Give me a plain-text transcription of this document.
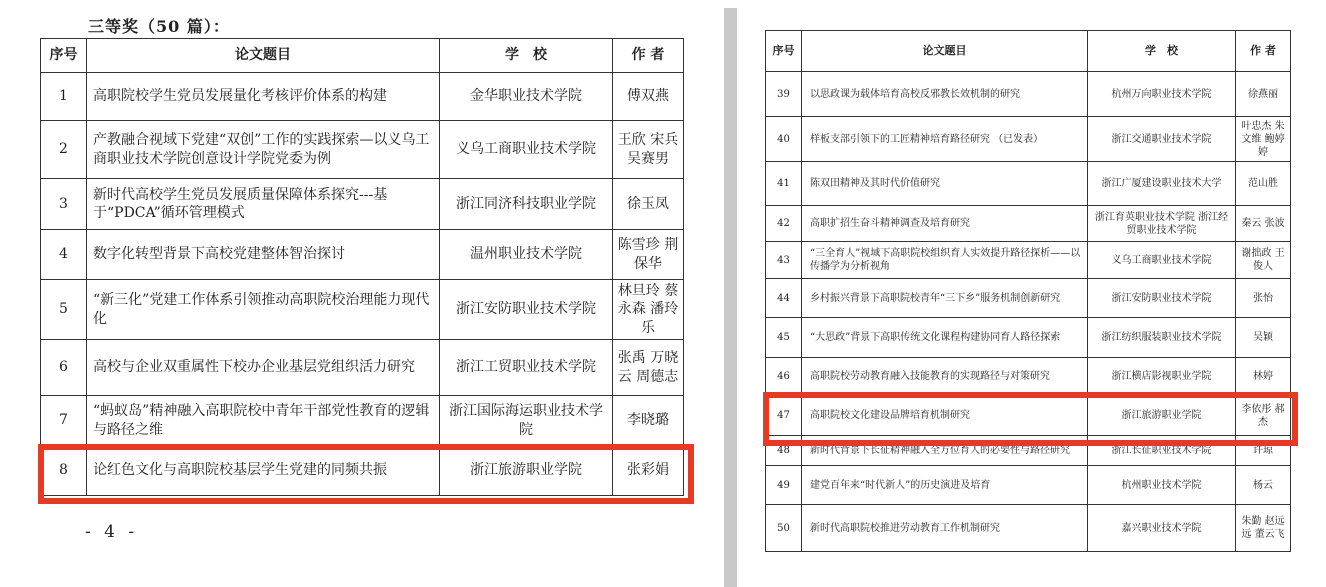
三等奖（50 篇）：
序号	论文题目	学　校	作 者
1	高职院校学生党员发展量化考核评价体系的构建	金华职业技术学院	傅双燕
2	产教融合视域下党建“双创”工作的实践探索—以义乌工商职业技术学院创意设计学院党委为例	义乌工商职业技术学院	王欣 宋兵 吴赛男
3	新时代高校学生党员发展质量保障体系探究---基于“PDCA”循环管理模式	浙江同济科技职业学院	徐玉凤
4	数字化转型背景下高校党建整体智治探讨	温州职业技术学院	陈雪珍 荆保华
5	“新三化”党建工作体系引领推动高职院校治理能力现代化	浙江安防职业技术学院	林旦玲 蔡永森 潘玲乐
6	高校与企业双重属性下校办企业基层党组织活力研究	浙江工贸职业技术学院	张禹 万晓云 周德志
7	“蚂蚁岛”精神融入高职院校中青年干部党性教育的逻辑与路径之维	浙江国际海运职业技术学院	李晓璐
8	论红色文化与高职院校基层学生党建的同频共振	浙江旅游职业学院	张彩娟
- 4 -
序号	论文题目	学　校	作 者
39	以思政课为载体培育高校反邪教长效机制的研究	杭州万向职业技术学院	徐燕丽
40	样板支部引领下的工匠精神培育路径研究 （已发表）	浙江交通职业技术学院	叶忠杰 朱文维 鲍婷婷
41	陈双田精神及其时代价值研究	浙江广厦建设职业技术大学	范山胜
42	高职扩招生奋斗精神调查及培育研究	浙江育英职业技术学院 浙江经贸职业技术学院	秦云 张波
43	“三全育人”视域下高职院校组织育人实效提升路径探析——以传播学为分析视角	义乌工商职业技术学院	谢拙政 王俊人
44	乡村振兴背景下高职院校青年“三下乡”服务机制创新研究	浙江安防职业技术学院	张怡
45	“大思政”背景下高职传统文化课程构建协同育人路径探索	浙江纺织服装职业技术学院	吴颖
46	高职院校劳动教育融入技能教育的实现路径与对策研究	浙江横店影视职业学院	林婷
47	高职院校文化建设品牌培育机制研究	浙江旅游职业学院	李依彤 郝杰
48	新时代背景下长征精神融入全方位育人的必要性与路径研究	浙江长征职业技术学院	许琼
49	建党百年来“时代新人”的历史演进及培育	杭州职业技术学院	杨云
50	新时代高职院校推进劳动教育工作机制研究	嘉兴职业技术学院	朱勤 赵远远 董云飞
